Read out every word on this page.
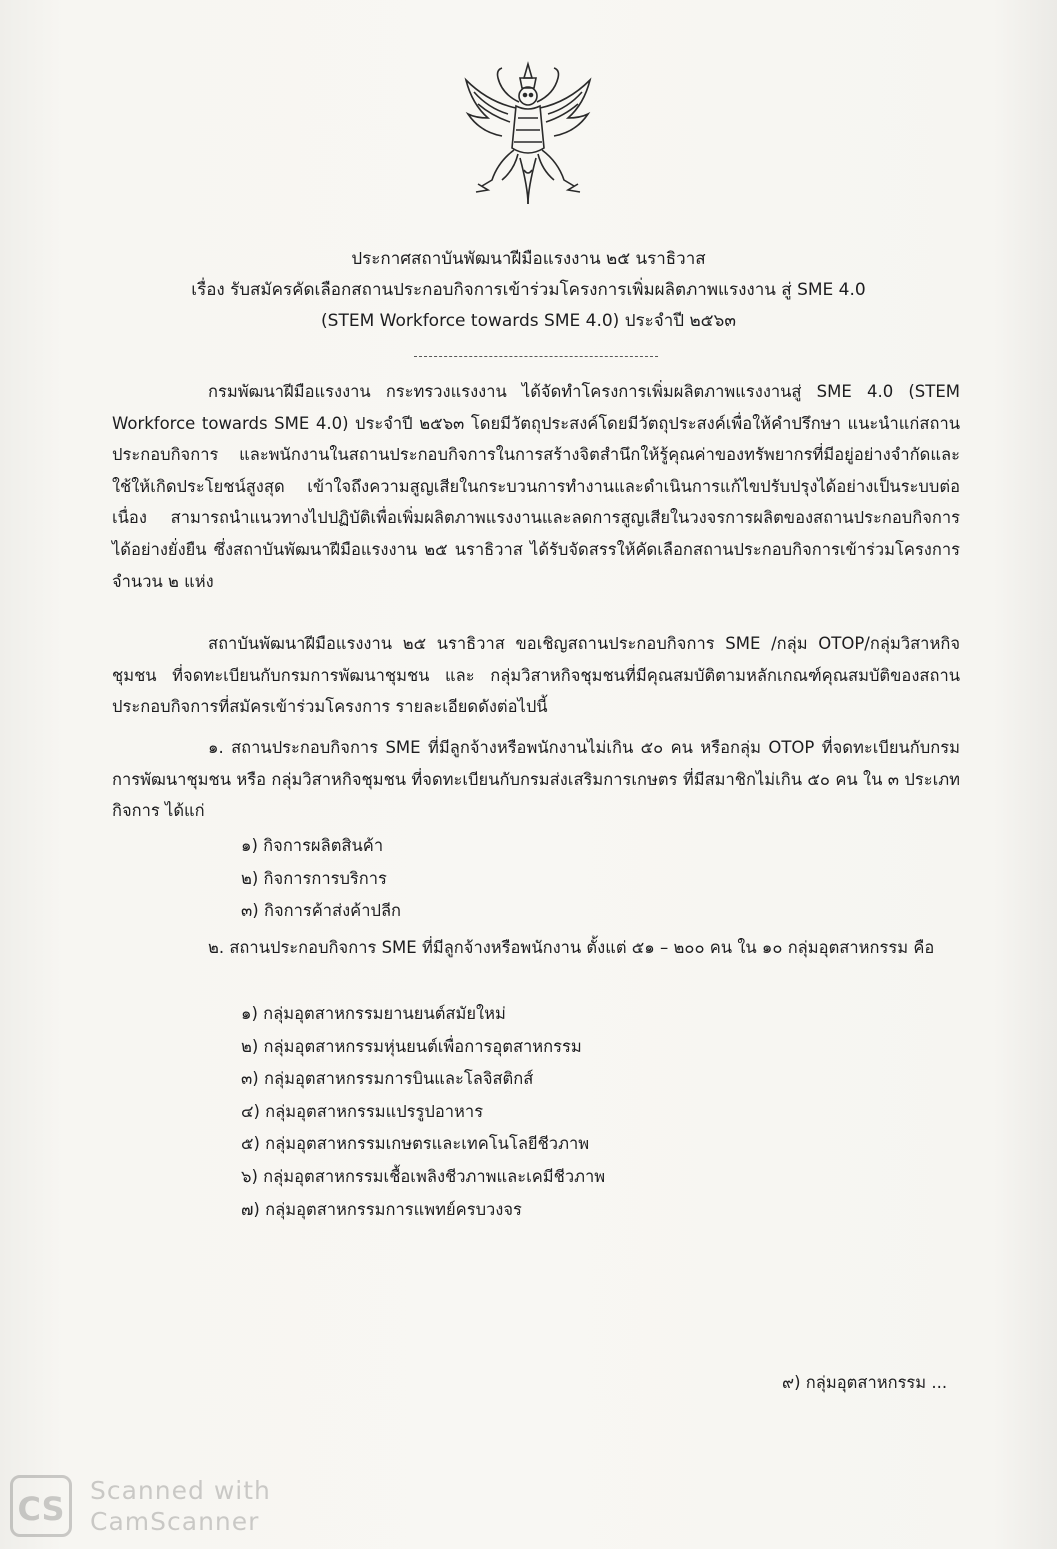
ประกาศสถาบันพัฒนาฝีมือแรงงาน ๒๕ นราธิวาส
เรื่อง รับสมัครคัดเลือกสถานประกอบกิจการเข้าร่วมโครงการเพิ่มผลิตภาพแรงงาน สู่ SME 4.0
(STEM Workforce towards SME 4.0) ประจำปี ๒๕๖๓

กรมพัฒนาฝีมือแรงงาน กระทรวงแรงงาน ได้จัดทำโครงการเพิ่มผลิตภาพแรงงานสู่ SME 4.0 (STEM Workforce towards SME 4.0) ประจำปี ๒๕๖๓ โดยมีวัตถุประสงค์โดยมีวัตถุประสงค์เพื่อให้คำปรึกษา แนะนำแก่สถานประกอบกิจการ และพนักงานในสถานประกอบกิจการในการสร้างจิตสำนึกให้รู้คุณค่าของทรัพยากรที่มีอยู่อย่างจำกัดและใช้ให้เกิดประโยชน์สูงสุด เข้าใจถึงความสูญเสียในกระบวนการทำงานและดำเนินการแก้ไขปรับปรุงได้อย่างเป็นระบบต่อเนื่อง สามารถนำแนวทางไปปฏิบัติเพื่อเพิ่มผลิตภาพแรงงานและลดการสูญเสียในวงจรการผลิตของสถานประกอบกิจการได้อย่างยั่งยืน ซึ่งสถาบันพัฒนาฝีมือแรงงาน ๒๕ นราธิวาส ได้รับจัดสรรให้คัดเลือกสถานประกอบกิจการเข้าร่วมโครงการ จำนวน ๒ แห่ง

สถาบันพัฒนาฝีมือแรงงาน ๒๕ นราธิวาส ขอเชิญสถานประกอบกิจการ SME /กลุ่ม OTOP/กลุ่มวิสาหกิจชุมชน ที่จดทะเบียนกับกรมการพัฒนาชุมชน และ กลุ่มวิสาหกิจชุมชนที่มีคุณสมบัติตามหลักเกณฑ์คุณสมบัติของสถานประกอบกิจการที่สมัครเข้าร่วมโครงการ รายละเอียดดังต่อไปนี้

๑. สถานประกอบกิจการ SME ที่มีลูกจ้างหรือพนักงานไม่เกิน ๕๐ คน หรือกลุ่ม OTOP ที่จดทะเบียนกับกรมการพัฒนาชุมชน หรือ กลุ่มวิสาหกิจชุมชน ที่จดทะเบียนกับกรมส่งเสริมการเกษตร ที่มีสมาชิกไม่เกิน ๕๐ คน ใน ๓ ประเภทกิจการ ได้แก่

๑) กิจการผลิตสินค้า
๒) กิจการการบริการ
๓) กิจการค้าส่งค้าปลีก

๒. สถานประกอบกิจการ SME ที่มีลูกจ้างหรือพนักงาน ตั้งแต่ ๕๑ – ๒๐๐ คน ใน ๑๐ กลุ่มอุตสาหกรรม คือ

๑) กลุ่มอุตสาหกรรมยานยนต์สมัยใหม่
๒) กลุ่มอุตสาหกรรมหุ่นยนต์เพื่อการอุตสาหกรรม
๓) กลุ่มอุตสาหกรรมการบินและโลจิสติกส์
๔) กลุ่มอุตสาหกรรมแปรรูปอาหาร
๕) กลุ่มอุตสาหกรรมเกษตรและเทคโนโลยีชีวภาพ
๖) กลุ่มอุตสาหกรรมเชื้อเพลิงชีวภาพและเคมีชีวภาพ
๗) กลุ่มอุตสาหกรรมการแพทย์ครบวงจร
๙) กลุ่มอุตสาหกรรม ...
CS Scanned with
CamScanner
